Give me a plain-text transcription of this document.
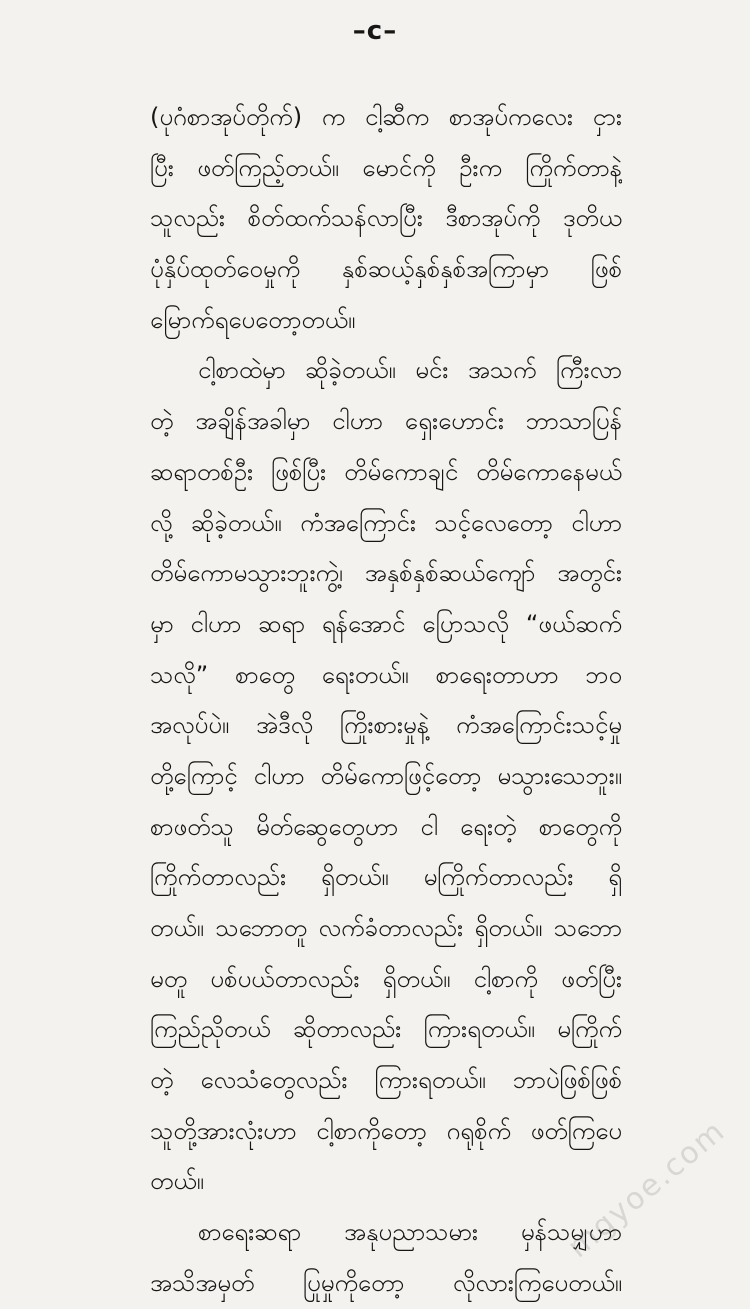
–c–
(ပုဂံစာအုပ်တိုက်) က ငါ့ဆီက စာအုပ်ကလေး ငှား
ပြီး ဖတ်ကြည့်တယ်။ မောင်ကို ဦးက ကြိုက်တာနဲ့
သူလည်း စိတ်ထက်သန်လာပြီး ဒီစာအုပ်ကို ဒုတိယ
ပုံနှိပ်ထုတ်ဝေမှုကို နှစ်ဆယ့်နှစ်နှစ်အကြာမှာ ဖြစ်
မြောက်ရပေတော့တယ်။
ငါ့စာထဲမှာ ဆိုခဲ့တယ်။ မင်း အသက် ကြီးလာ
တဲ့ အချိန်အခါမှာ ငါဟာ ရှေးဟောင်း ဘာသာပြန်
ဆရာတစ်ဦး ဖြစ်ပြီး တိမ်ကောချင် တိမ်ကောနေမယ်
လို့ ဆိုခဲ့တယ်။ ကံအကြောင်း သင့်လေတော့ ငါဟာ
တိမ်ကောမသွားဘူးကွဲ့၊ အနှစ်နှစ်ဆယ်ကျော် အတွင်း
မှာ ငါဟာ ဆရာ ရန်အောင် ပြောသလို “ဖယ်ဆက်
သလို” စာတွေ ရေးတယ်။ စာရေးတာဟာ ဘဝ
အလုပ်ပဲ။ အဲဒီလို ကြိုးစားမှုနဲ့ ကံအကြောင်းသင့်မှု
တို့ကြောင့် ငါဟာ တိမ်ကောဖြင့်တော့ မသွားသေဘူး။
စာဖတ်သူ မိတ်ဆွေတွေဟာ ငါ ရေးတဲ့ စာတွေကို
ကြိုက်တာလည်း ရှိတယ်။ မကြိုက်တာလည်း ရှိ
တယ်။ သဘောတူ လက်ခံတာလည်း ရှိတယ်။ သဘော
မတူ ပစ်ပယ်တာလည်း ရှိတယ်။ ငါ့စာကို ဖတ်ပြီး
ကြည်ညိုတယ် ဆိုတာလည်း ကြားရတယ်။ မကြိုက်
တဲ့ လေသံတွေလည်း ကြားရတယ်။ ဘာပဲဖြစ်ဖြစ်
သူတို့အားလုံးဟာ ငါ့စာကိုတော့ ဂရုစိုက် ဖတ်ကြပေ
တယ်။
စာရေးဆရာ အနုပညာသမား မှန်သမျှဟာ
အသိအမှတ် ပြုမှုကိုတော့ လိုလားကြပေတယ်။
mgyoe.com
